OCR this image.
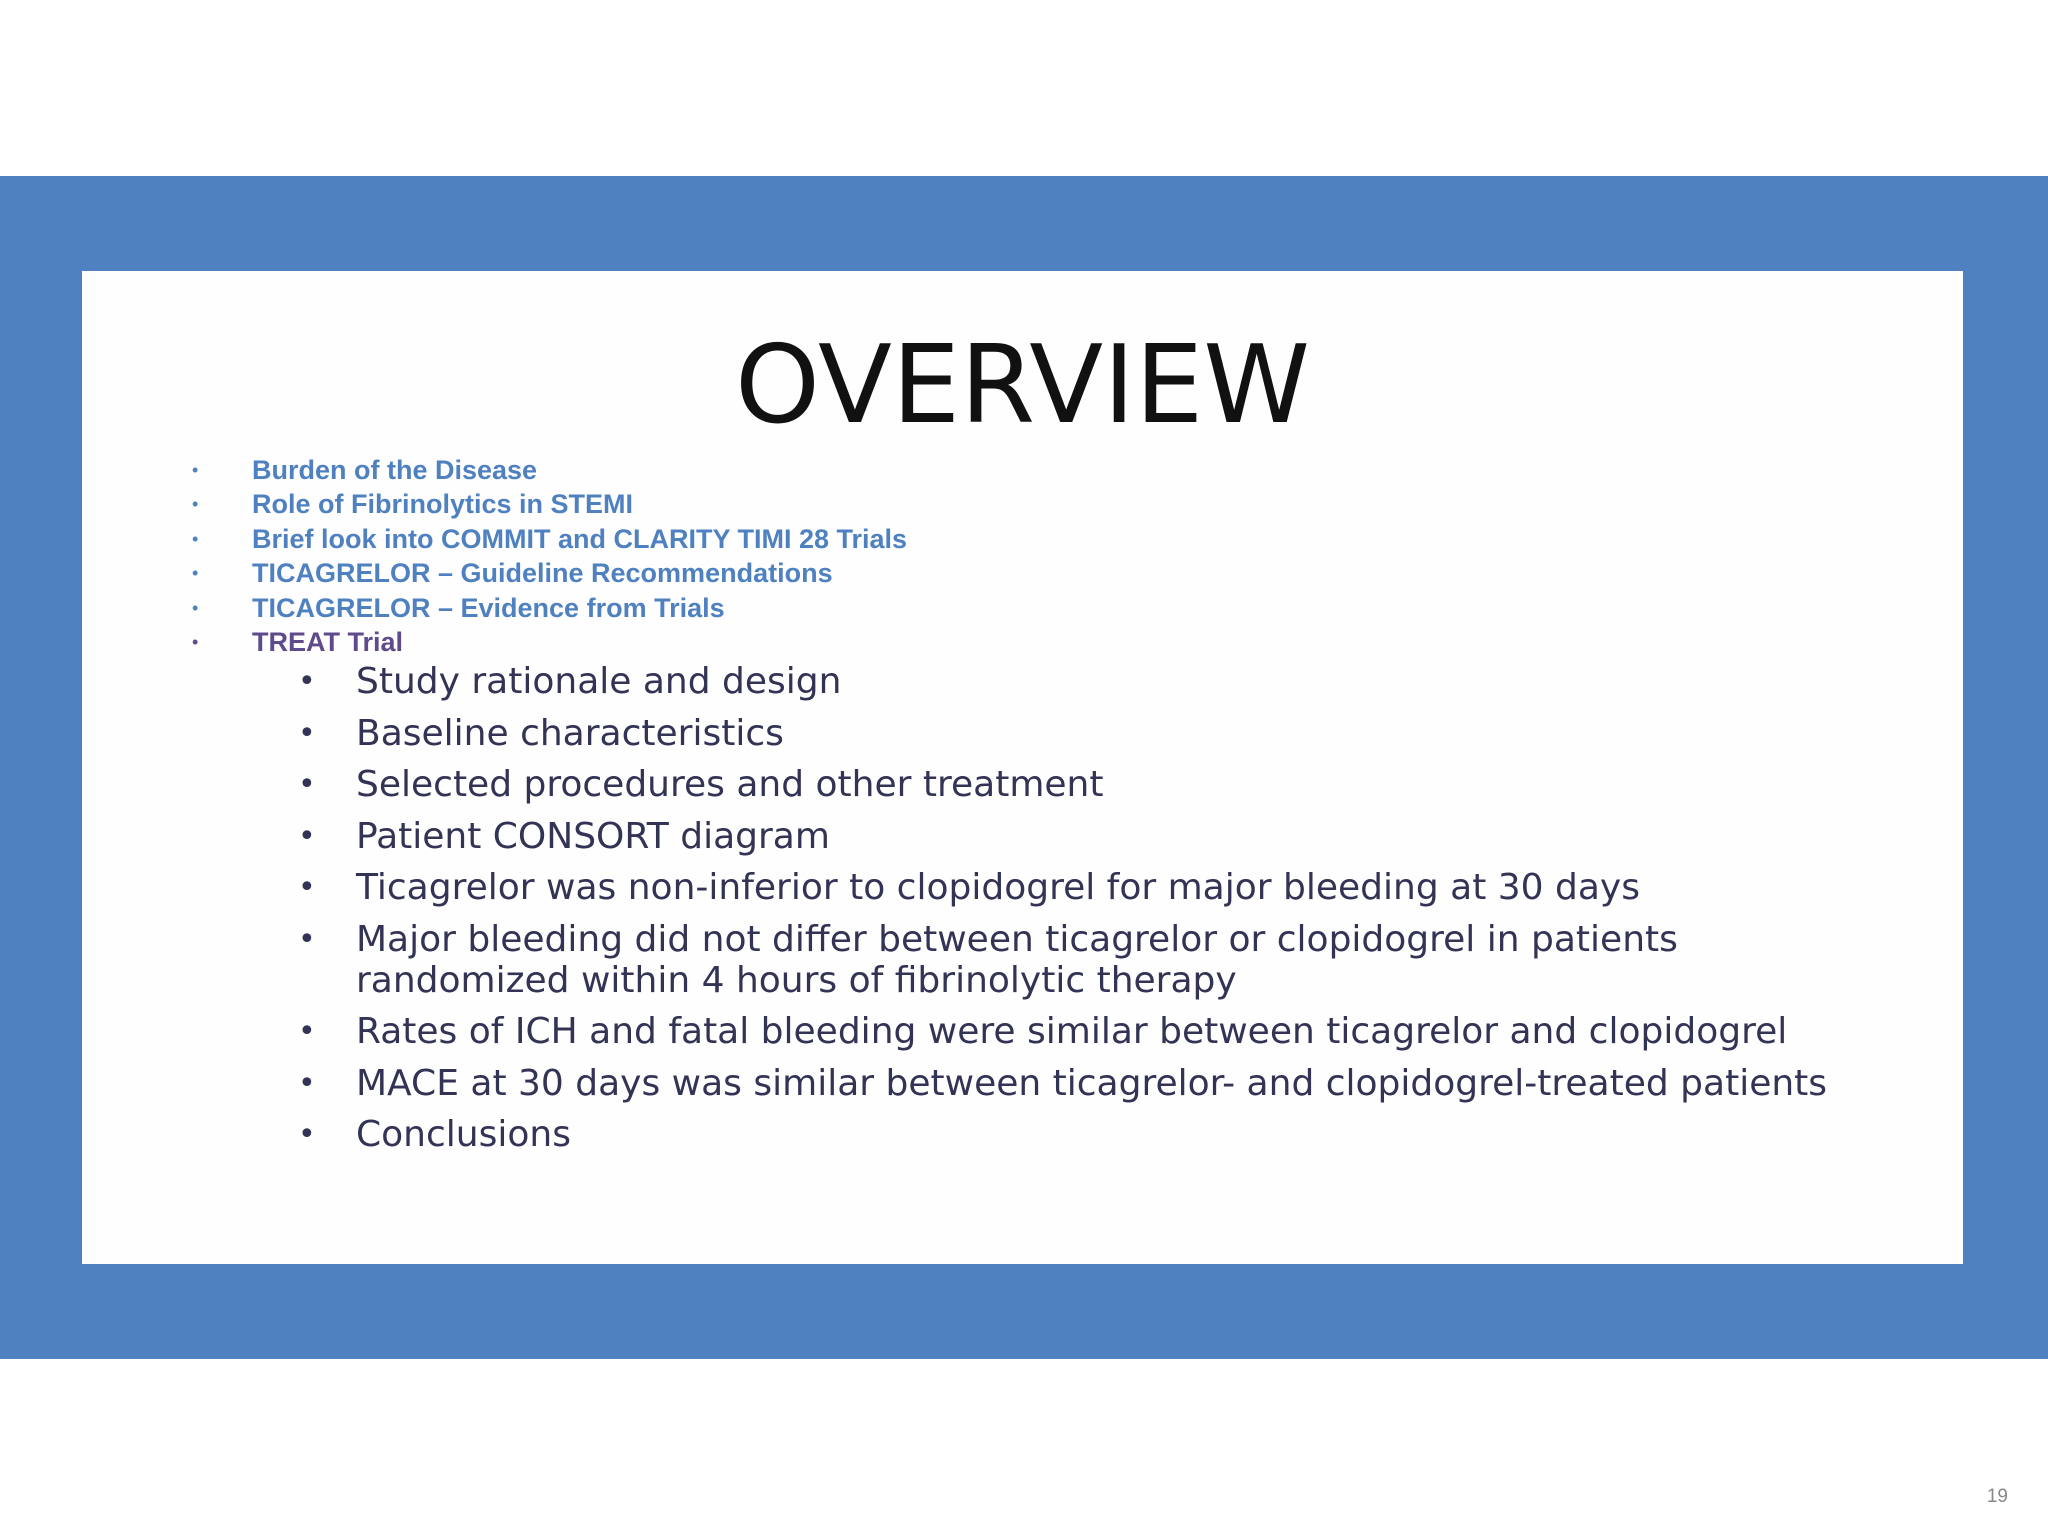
OVERVIEW
• Burden of the Disease
• Role of Fibrinolytics in STEMI
• Brief look into COMMIT and CLARITY TIMI 28 Trials
• TICAGRELOR – Guideline Recommendations
• TICAGRELOR – Evidence from Trials
• TREAT Trial
• Study rationale and design
• Baseline characteristics
• Selected procedures and other treatment
• Patient CONSORT diagram
• Ticagrelor was non-inferior to clopidogrel for major bleeding at 30 days
• Major bleeding did not differ between ticagrelor or clopidogrel in patients
randomized within 4 hours of fibrinolytic therapy
• Rates of ICH and fatal bleeding were similar between ticagrelor and clopidogrel
• MACE at 30 days was similar between ticagrelor- and clopidogrel-treated patients
• Conclusions
19
